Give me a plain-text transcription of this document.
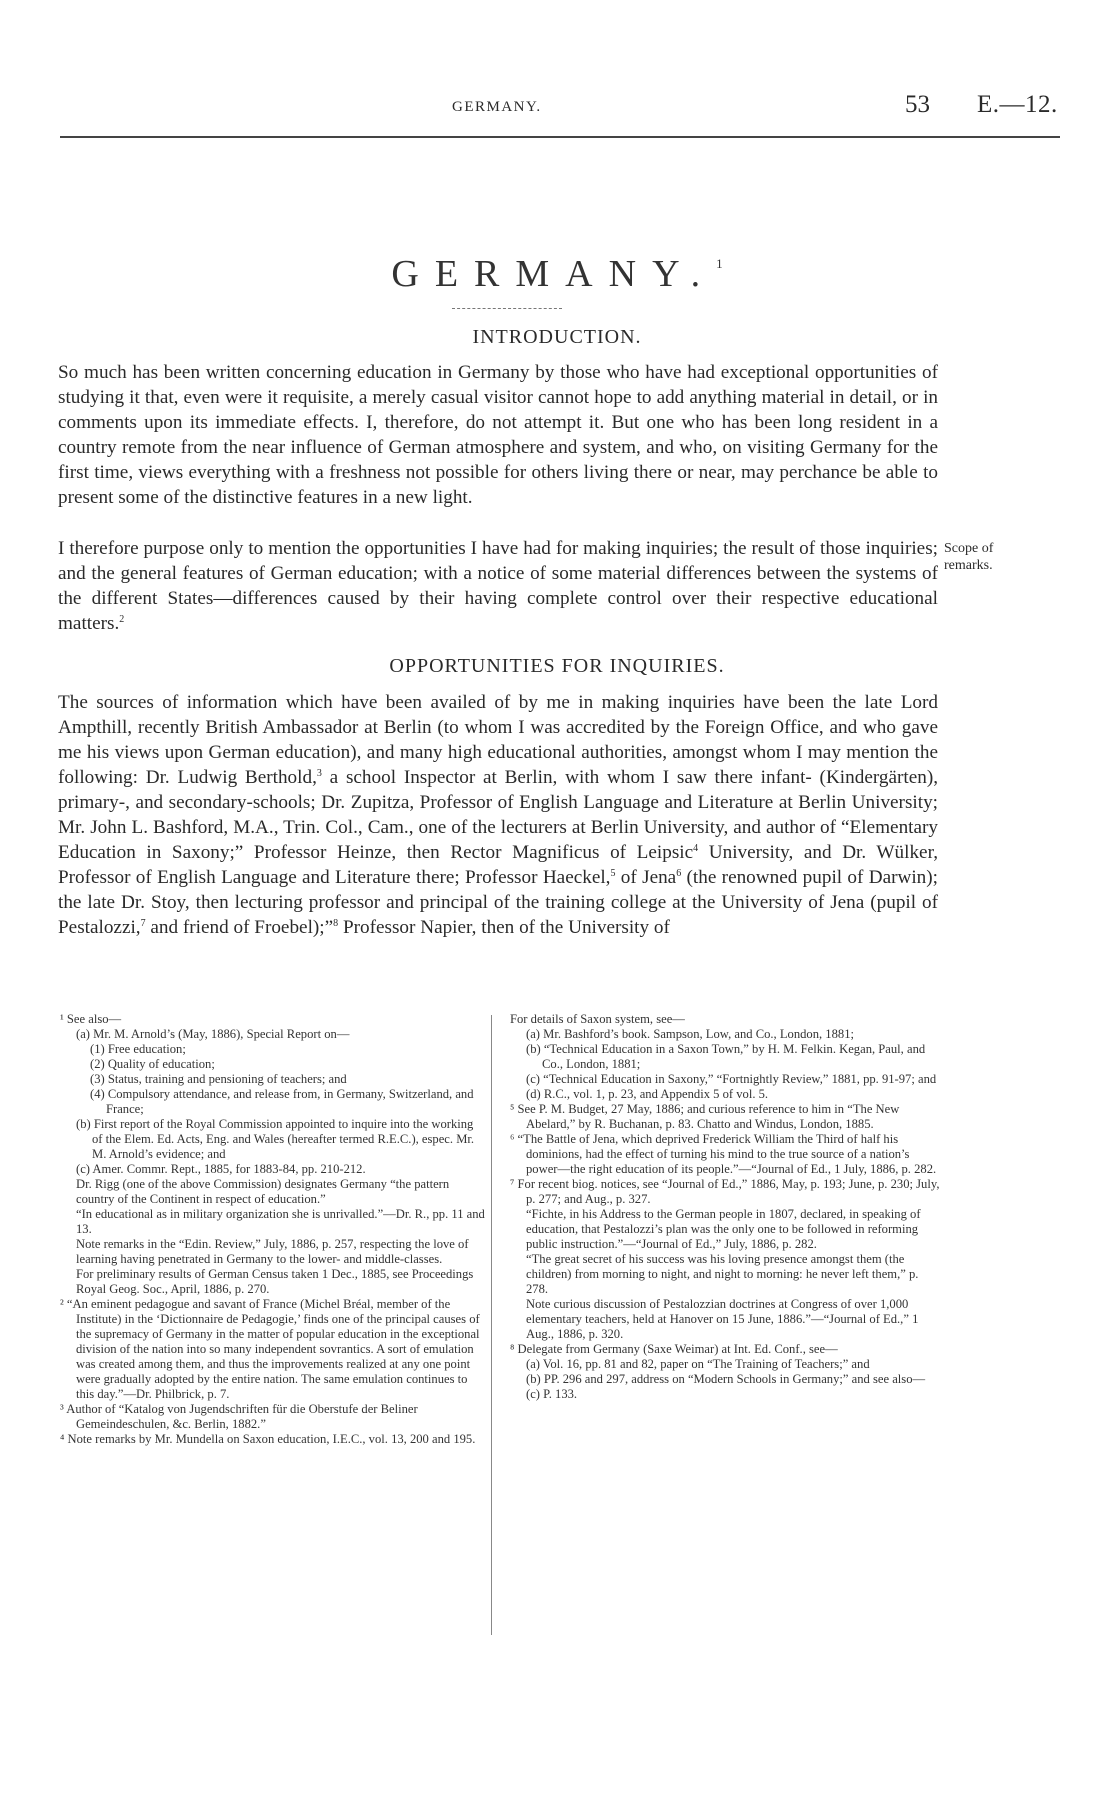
GERMANY.	53 E.—12.
GERMANY.$^1$
INTRODUCTION.

So much has been written concerning education in Germany by those who have had exceptional opportunities of studying it that, even were it requisite, a merely casual visitor cannot hope to add anything material in detail, or in comments upon its immediate effects. I, therefore, do not attempt it. But one who has been long resident in a country remote from the near influence of German atmosphere and system, and who, on visiting Germany for the first time, views everything with a freshness not possible for others living there or near, may perchance be able to present some of the distinctive features in a new light.

I therefore purpose only to mention the opportunities I have had for making inquiries; the result of those inquiries; and the general features of German education; with a notice of some material differences between the systems of the different States—differences caused by their having complete control over their respective educational matters.$^2$

Scope of remarks.
OPPORTUNITIES FOR INQUIRIES.

The sources of information which have been availed of by me in making inquiries have been the late Lord Ampthill, recently British Ambassador at Berlin (to whom I was accredited by the Foreign Office, and who gave me his views upon German education), and many high educational authorities, amongst whom I may mention the following: Dr. Ludwig Berthold,$^3$ a school Inspector at Berlin, with whom I saw there infant- (Kindergärten), primary-, and secondary-schools; Dr. Zupitza, Professor of English Language and Literature at Berlin University; Mr. John L. Bashford, M.A., Trin. Col., Cam., one of the lecturers at Berlin University, and author of “Elementary Education in Saxony;” Professor Heinze, then Rector Magnificus of Leipsic$^4$ University, and Dr. Wülker, Professor of English Language and Literature there; Professor Haeckel,$^5$ of Jena$^6$ (the renowned pupil of Darwin); the late Dr. Stoy, then lecturing professor and principal of the training college at the University of Jena (pupil of Pestalozzi,$^7$ and friend of Froebel);”$^8$ Professor Napier, then of the University of

¹ See also—

(a) Mr. M. Arnold’s (May, 1886), Special Report on—

(1) Free education;

(2) Quality of education;

(3) Status, training and pensioning of teachers; and

(4) Compulsory attendance, and release from, in Germany, Switzerland, and France;

(b) First report of the Royal Commission appointed to inquire into the working of the Elem. Ed. Acts, Eng. and Wales (hereafter termed R.E.C.), espec. Mr. M. Arnold’s evidence; and

(c) Amer. Commr. Rept., 1885, for 1883-84, pp. 210-212.

Dr. Rigg (one of the above Commission) designates Germany “the pattern country of the Continent in respect of education.”

“In educational as in military organization she is unrivalled.”—Dr. R., pp. 11 and 13.

Note remarks in the “Edin. Review,” July, 1886, p. 257, respecting the love of learning having penetrated in Germany to the lower- and middle-classes.

For preliminary results of German Census taken 1 Dec., 1885, see Proceedings Royal Geog. Soc., April, 1886, p. 270.

² “An eminent pedagogue and savant of France (Michel Bréal, member of the Institute) in the ‘Dictionnaire de Pedagogie,’ finds one of the principal causes of the supremacy of Germany in the matter of popular education in the exceptional division of the nation into so many independent sovrantics. A sort of emulation was created among them, and thus the improvements realized at any one point were gradually adopted by the entire nation. The same emulation continues to this day.”—Dr. Philbrick, p. 7.

³ Author of “Katalog von Jugendschriften für die Oberstufe der Beliner Gemeindeschulen, &c. Berlin, 1882.”

⁴ Note remarks by Mr. Mundella on Saxon education, I.E.C., vol. 13, 200 and 195.

For details of Saxon system, see—

(a) Mr. Bashford’s book. Sampson, Low, and Co., London, 1881;

(b) “Technical Education in a Saxon Town,” by H. M. Felkin. Kegan, Paul, and Co., London, 1881;

(c) “Technical Education in Saxony,” “Fortnightly Review,” 1881, pp. 91-97; and

(d) R.C., vol. 1, p. 23, and Appendix 5 of vol. 5.

⁵ See P. M. Budget, 27 May, 1886; and curious reference to him in “The New Abelard,” by R. Buchanan, p. 83. Chatto and Windus, London, 1885.

⁶ “The Battle of Jena, which deprived Frederick William the Third of half his dominions, had the effect of turning his mind to the true source of a nation’s power—the right education of its people.”—“Journal of Ed., 1 July, 1886, p. 282.

⁷ For recent biog. notices, see “Journal of Ed.,” 1886, May, p. 193; June, p. 230; July, p. 277; and Aug., p. 327.

“Fichte, in his Address to the German people in 1807, declared, in speaking of education, that Pestalozzi’s plan was the only one to be followed in reforming public instruction.”—“Journal of Ed.,” July, 1886, p. 282.

“The great secret of his success was his loving presence amongst them (the children) from morning to night, and night to morning: he never left them,” p. 278.

Note curious discussion of Pestalozzian doctrines at Congress of over 1,000 elementary teachers, held at Hanover on 15 June, 1886.”—“Journal of Ed.,” 1 Aug., 1886, p. 320.

⁸ Delegate from Germany (Saxe Weimar) at Int. Ed. Conf., see—

(a) Vol. 16, pp. 81 and 82, paper on “The Training of Teachers;” and

(b) PP. 296 and 297, address on “Modern Schools in Germany;” and see also—

(c) P. 133.
